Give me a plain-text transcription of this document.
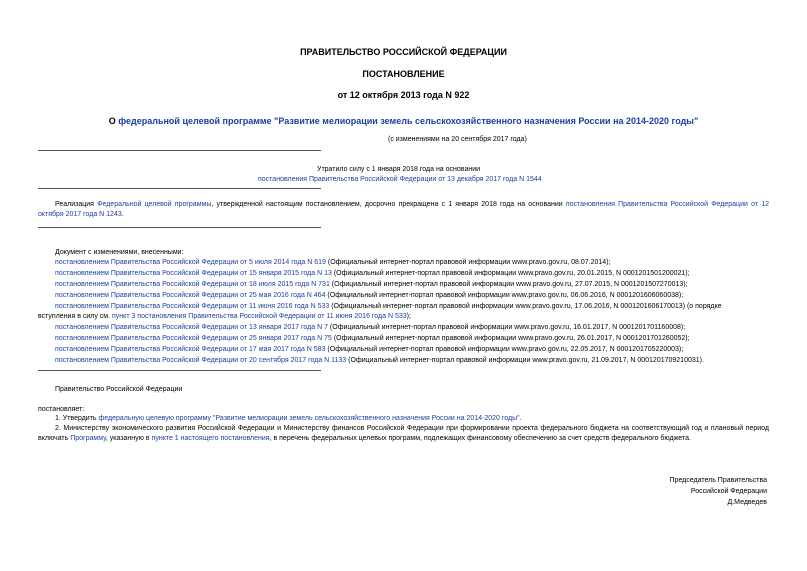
ПРАВИТЕЛЬСТВО РОССИЙСКОЙ ФЕДЕРАЦИИ
ПОСТАНОВЛЕНИЕ
от 12 октября 2013 года N 922
О федеральной целевой программе "Развитие мелиорации земель сельскохозяйственного назначения России на 2014-2020 годы"
(с изменениями на 20 сентября 2017 года)
Утратило силу с 1 января 2018 года на основании
постановления Правительства Российской Федерации от 13 декабря 2017 года N 1544
Реализация Федеральной целевой программы, утвержденной настоящим постановлением, досрочно прекращена с 1 января 2018 года на основании постановления Правительства Российской Федерации от 12 октября 2017 года N 1243.
Документ с изменениями, внесенными:
постановлением Правительства Российской Федерации от 5 июля 2014 года N 619 (Официальный интернет-портал правовой информации www.pravo.gov.ru, 08.07.2014);
постановлением Правительства Российской Федерации от 15 января 2015 года N 13 (Официальный интернет-портал правовой информации www.pravo.gov.ru, 20.01.2015, N 0001201501200021);
постановлением Правительства Российской Федерации от 18 июля 2015 года N 731 (Официальный интернет-портал правовой информации www.pravo.gov.ru, 27.07.2015, N 0001201507270013);
постановлением Правительства Российской Федерации от 25 мая 2016 года N 464 (Официальный интернет-портал правовой информации www.pravo.gov.ru, 06.06.2016, N 0001201606060038);
постановлением Правительства Российской Федерации от 11 июня 2016 года N 533 (Официальный интернет-портал правовой информации www.pravo.gov.ru, 17.06.2016, N 0001201606170013) (о порядке
вступления в силу см. пункт 3 постановления Правительства Российской Федерации от 11 июня 2016 года N 533);
постановлением Правительства Российской Федерации от 13 января 2017 года N 7 (Официальный интернет-портал правовой информации www.pravo.gov.ru, 16.01.2017, N 0001201701160008);
постановлением Правительства Российской Федерации от 25 января 2017 года N 75 (Официальный интернет-портал правовой информации www.pravo.gov.ru, 26.01.2017, N 0001201701260052);
постановлением Правительства Российской Федерации от 17 мая 2017 года N 583 (Официальный интернет-портал правовой информации www.pravo.gov.ru, 22.05.2017, N 0001201705220003);
постановлением Правительства Российской Федерации от 20 сентября 2017 года N 1133 (Официальный интернет-портал правовой информации www.pravo.gov.ru, 21.09.2017, N 0001201709210031).
Правительство Российской Федерации
постановляет:
1. Утвердить федеральную целевую программу "Развитие мелиорации земель сельскохозяйственного назначения России на 2014-2020 годы".
2. Министерству экономического развития Российской Федерации и Министерству финансов Российской Федерации при формировании проекта федерального бюджета на соответствующий год и плановый период включать Программу, указанную в пункте 1 настоящего постановления, в перечень федеральных целевых программ, подлежащих финансовому обеспечению за счет средств федерального бюджета.
Председатель Правительства
Российской Федерации
Д.Медведев
